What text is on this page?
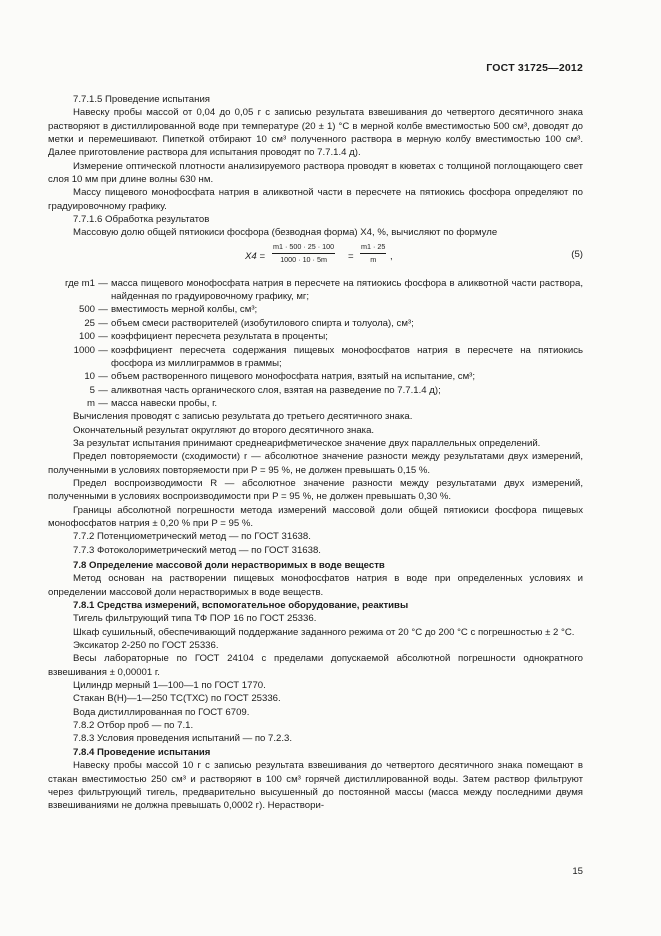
ГОСТ 31725—2012
7.7.1.5 Проведение испытания
Навеску пробы массой от 0,04 до 0,05 г с записью результата взвешивания до четвертого десятичного знака растворяют в дистиллированной воде при температуре (20 ± 1) °C в мерной колбе вместимостью 500 см³, доводят до метки и перемешивают. Пипеткой отбирают 10 см³ полученного раствора в мерную колбу вместимостью 100 см³. Далее приготовление раствора для испытания проводят по 7.7.1.4 д).
Измерение оптической плотности анализируемого раствора проводят в кюветах с толщиной поглощающего свет слоя 10 мм при длине волны 630 нм.
Массу пищевого монофосфата натрия в аликвотной части в пересчете на пятиокись фосфора определяют по градуировочному графику.
7.7.1.6 Обработка результатов
Массовую долю общей пятиокиси фосфора (безводная форма) X4, %, вычисляют по формуле
$X4 = \frac{m1 \cdot 500 \cdot 25 \cdot 100}{1000 \cdot 10 \cdot 5m} = \frac{m1 \cdot 25}{m}$ ,	(5)
где m1 — масса пищевого монофосфата натрия в пересчете на пятиокись фосфора в аликвотной части раствора, найденная по градуировочному графику, мг;
500 — вместимость мерной колбы, см³;
25 — объем смеси растворителей (изобутилового спирта и толуола), см³;
100 — коэффициент пересчета результата в проценты;
1000 — коэффициент пересчета содержания пищевых монофосфатов натрия в пересчете на пятиокись фосфора из миллиграммов в граммы;
10 — объем растворенного пищевого монофосфата натрия, взятый на испытание, см³;
5 — аликвотная часть органического слоя, взятая на разведение по 7.7.1.4 д);
m — масса навески пробы, г.
Вычисления проводят с записью результата до третьего десятичного знака.
Окончательный результат округляют до второго десятичного знака.
За результат испытания принимают среднеарифметическое значение двух параллельных определений.
Предел повторяемости (сходимости) r — абсолютное значение разности между результатами двух измерений, полученными в условиях повторяемости при P = 95 %, не должен превышать 0,15 %.
Предел воспроизводимости R — абсолютное значение разности между результатами двух измерений, полученными в условиях воспроизводимости при P = 95 %, не должен превышать 0,30 %.
Границы абсолютной погрешности метода измерений массовой доли общей пятиокиси фосфора пищевых монофосфатов натрия ± 0,20 % при P = 95 %.
7.7.2 Потенциометрический метод — по ГОСТ 31638.
7.7.3 Фотоколориметрический метод — по ГОСТ 31638.
7.8 Определение массовой доли нерастворимых в воде веществ
Метод основан на растворении пищевых монофосфатов натрия в воде при определенных условиях и определении массовой доли нерастворимых в воде веществ.
7.8.1 Средства измерений, вспомогательное оборудование, реактивы
Тигель фильтрующий типа ТФ ПОР 16 по ГОСТ 25336.
Шкаф сушильный, обеспечивающий поддержание заданного режима от 20 °C до 200 °C с погрешностью ± 2 °C.
Эксикатор 2-250 по ГОСТ 25336.
Весы лабораторные по ГОСТ 24104 с пределами допускаемой абсолютной погрешности однократного взвешивания ± 0,00001 г.
Цилиндр мерный 1—100—1 по ГОСТ 1770.
Стакан В(Н)—1—250 ТС(ТХС) по ГОСТ 25336.
Вода дистиллированная по ГОСТ 6709.
7.8.2 Отбор проб — по 7.1.
7.8.3 Условия проведения испытаний — по 7.2.3.
7.8.4 Проведение испытания
Навеску пробы массой 10 г с записью результата взвешивания до четвертого десятичного знака помещают в стакан вместимостью 250 см³ и растворяют в 100 см³ горячей дистиллированной воды. Затем раствор фильтруют через фильтрующий тигель, предварительно высушенный до постоянной массы (масса между последними двумя взвешиваниями не должна превышать 0,0002 г). Нераствори-
15
